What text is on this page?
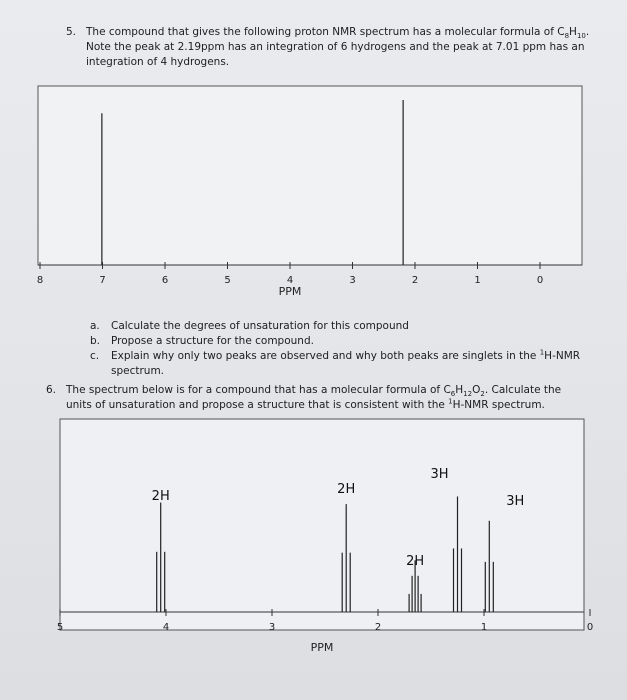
5. The compound that gives the following proton NMR spectrum has a molecular formula of $C_8H_{10}$.
Note the peak at 2.19ppm has an integration of 6 hydrogens and the peak at 7.01 ppm has an
integration of 4 hydrogens.
8	7	6	5	4	3	2	1	0
PPM
5	4	3	2	1	0
2H	2H
2H
3H
3H
PPM
a. Calculate the degrees of unsaturation for this compound
b. Propose a structure for the compound.
c. Explain why only two peaks are observed and why both peaks are singlets in the $^1$H-NMR
spectrum.
6. The spectrum below is for a compound that has a molecular formula of $C_6H_{12}O_2$. Calculate the
units of unsaturation and propose a structure that is consistent with the $^1$H-NMR spectrum.
